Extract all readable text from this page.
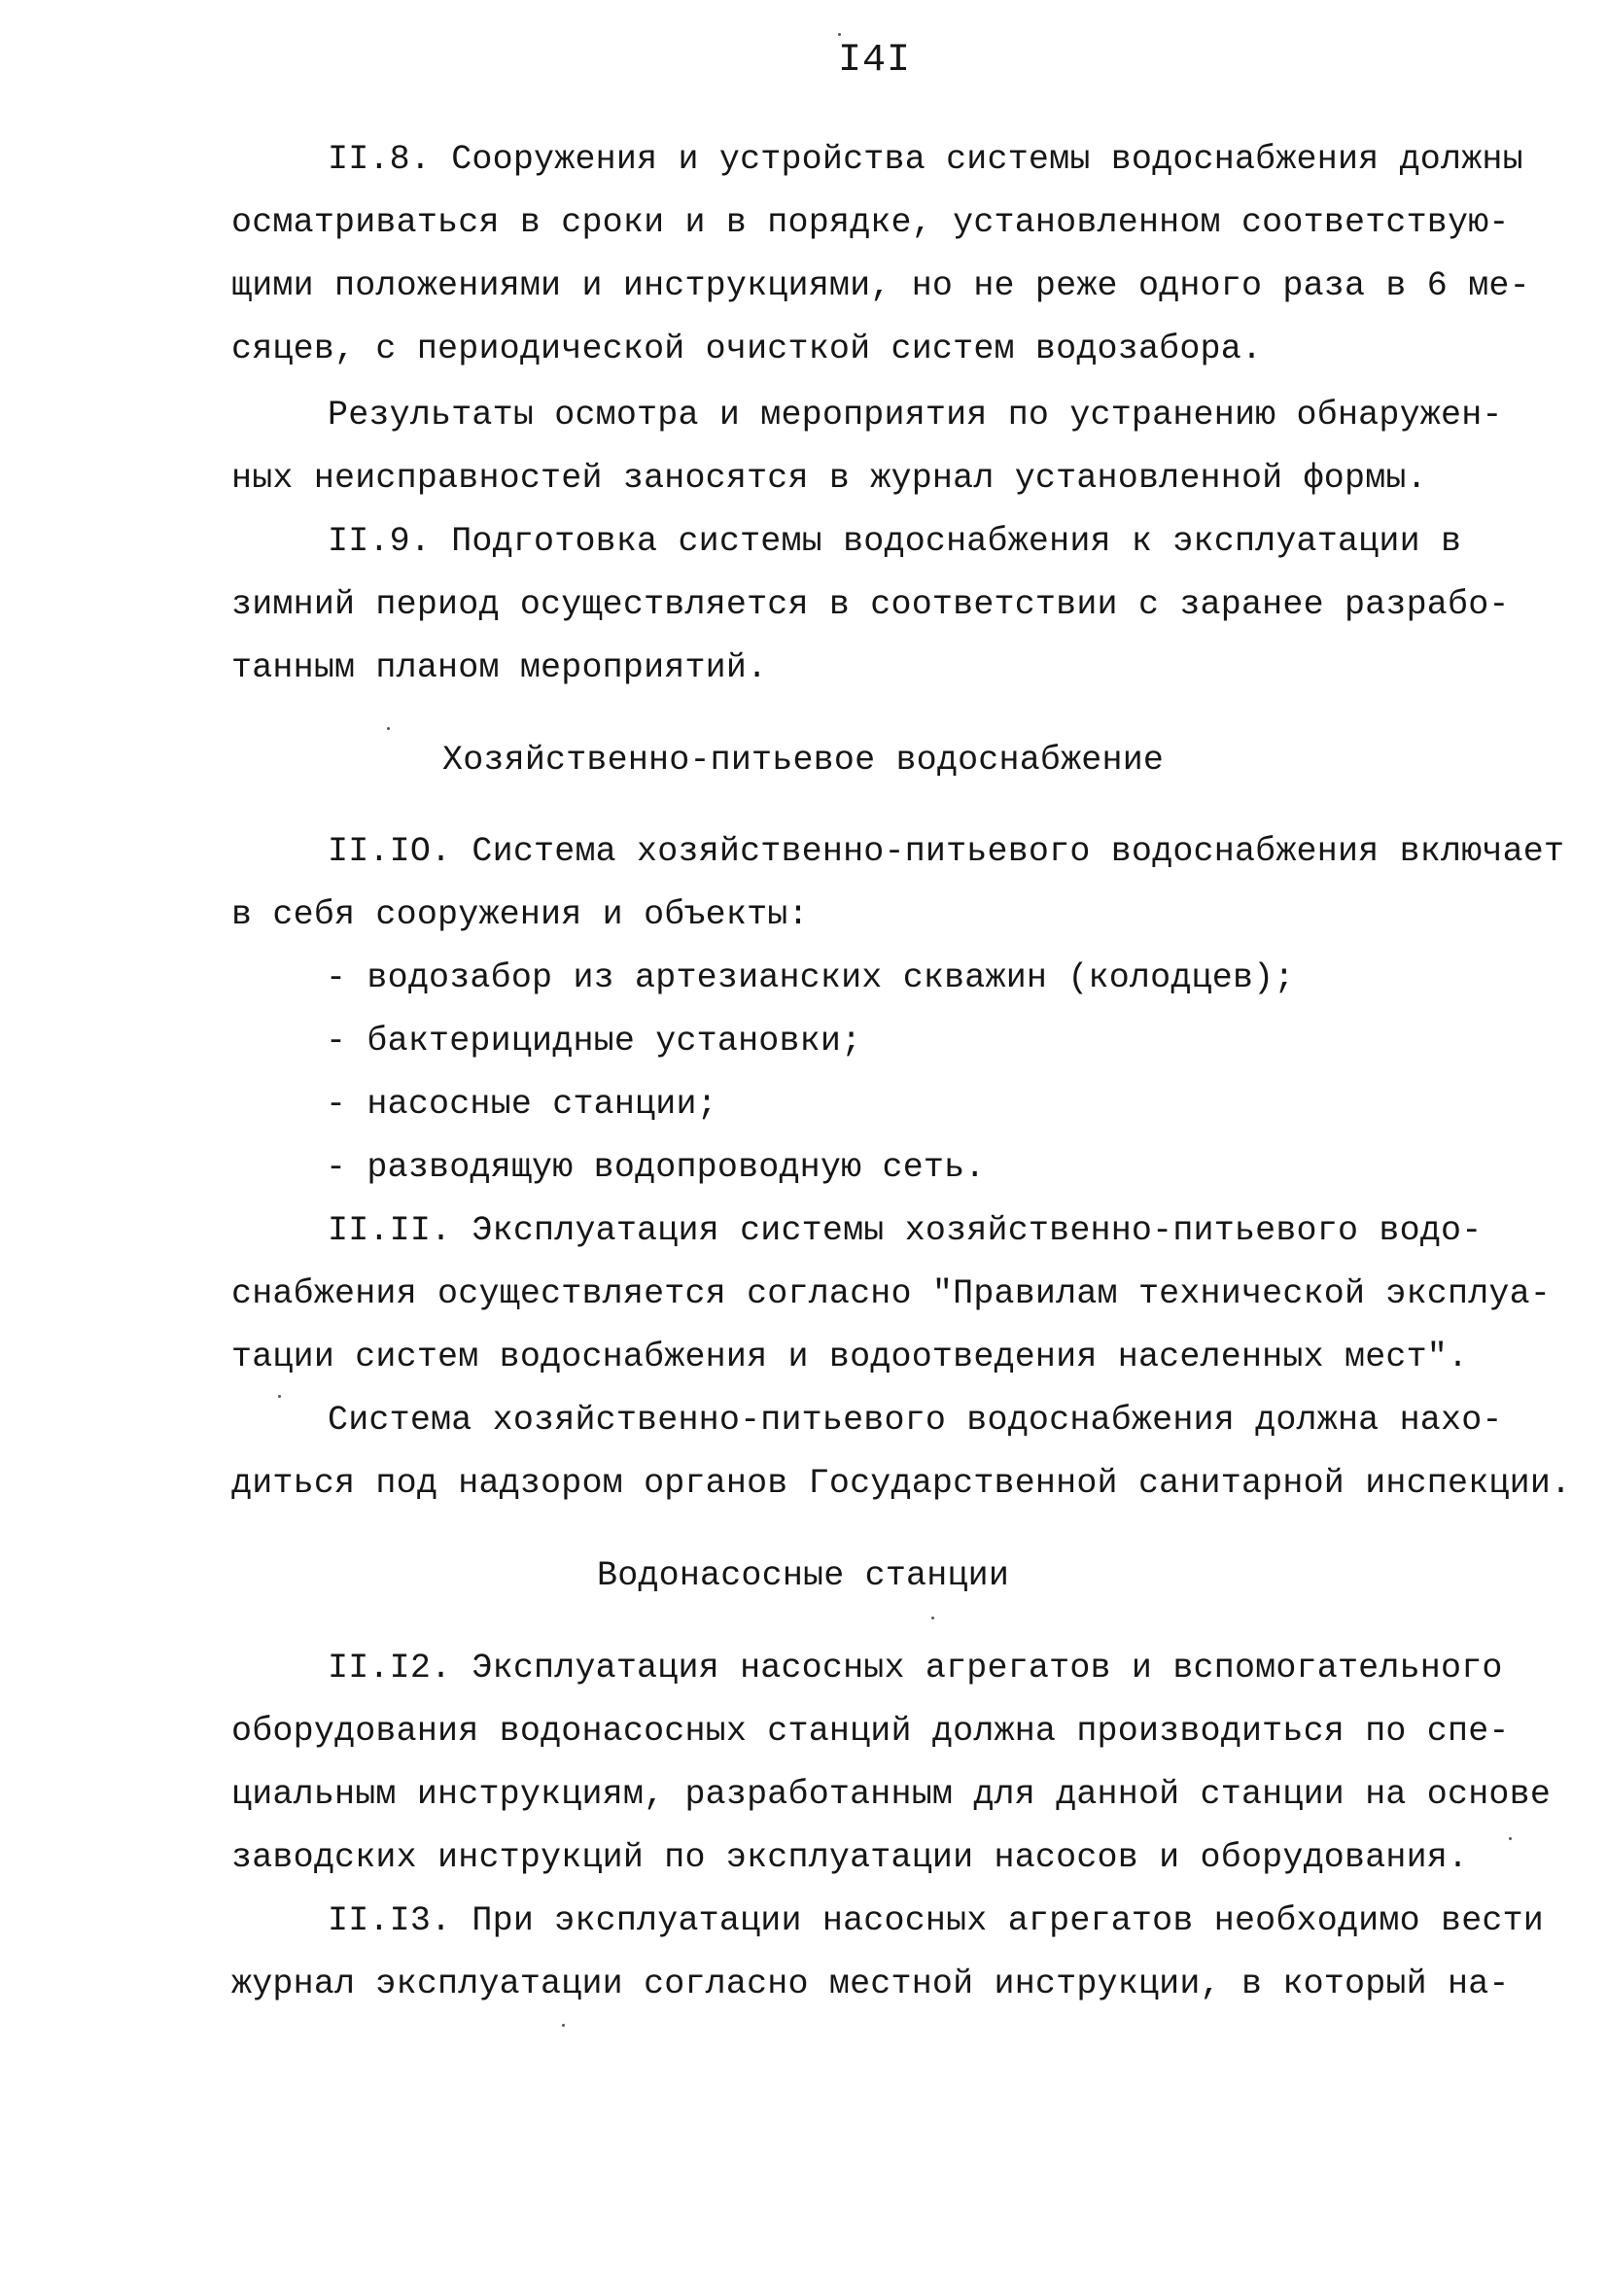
I4I
II.8. Сооружения и устройства системы водоснабжения должны
осматриваться в сроки и в порядке, установленном соответствую-
щими положениями и инструкциями, но не реже одного раза в 6 ме-
сяцев, с периодической очисткой систем водозабора.
Результаты осмотра и мероприятия по устранению обнаружен-
ных неисправностей заносятся в журнал установленной формы.
II.9. Подготовка системы водоснабжения к эксплуатации в
зимний период осуществляется в соответствии с заранее разрабо-
танным планом мероприятий.
Хозяйственно-питьевое водоснабжение
II.IO. Система хозяйственно-питьевого водоснабжения включает
в себя сооружения и объекты:
- водозабор из артезианских скважин (колодцев);
- бактерицидные установки;
- насосные станции;
- разводящую водопроводную сеть.
II.II. Эксплуатация системы хозяйственно-питьевого водо-
снабжения осуществляется согласно "Правилам технической эксплуа-
тации систем водоснабжения и водоотведения населенных мест".
Система хозяйственно-питьевого водоснабжения должна нахо-
диться под надзором органов Государственной санитарной инспекции.
Водонасосные станции
II.I2. Эксплуатация насосных агрегатов и вспомогательного
оборудования водонасосных станций должна производиться по спе-
циальным инструкциям, разработанным для данной станции на основе
заводских инструкций по эксплуатации насосов и оборудования.
II.I3. При эксплуатации насосных агрегатов необходимо вести
журнал эксплуатации согласно местной инструкции, в который на-
